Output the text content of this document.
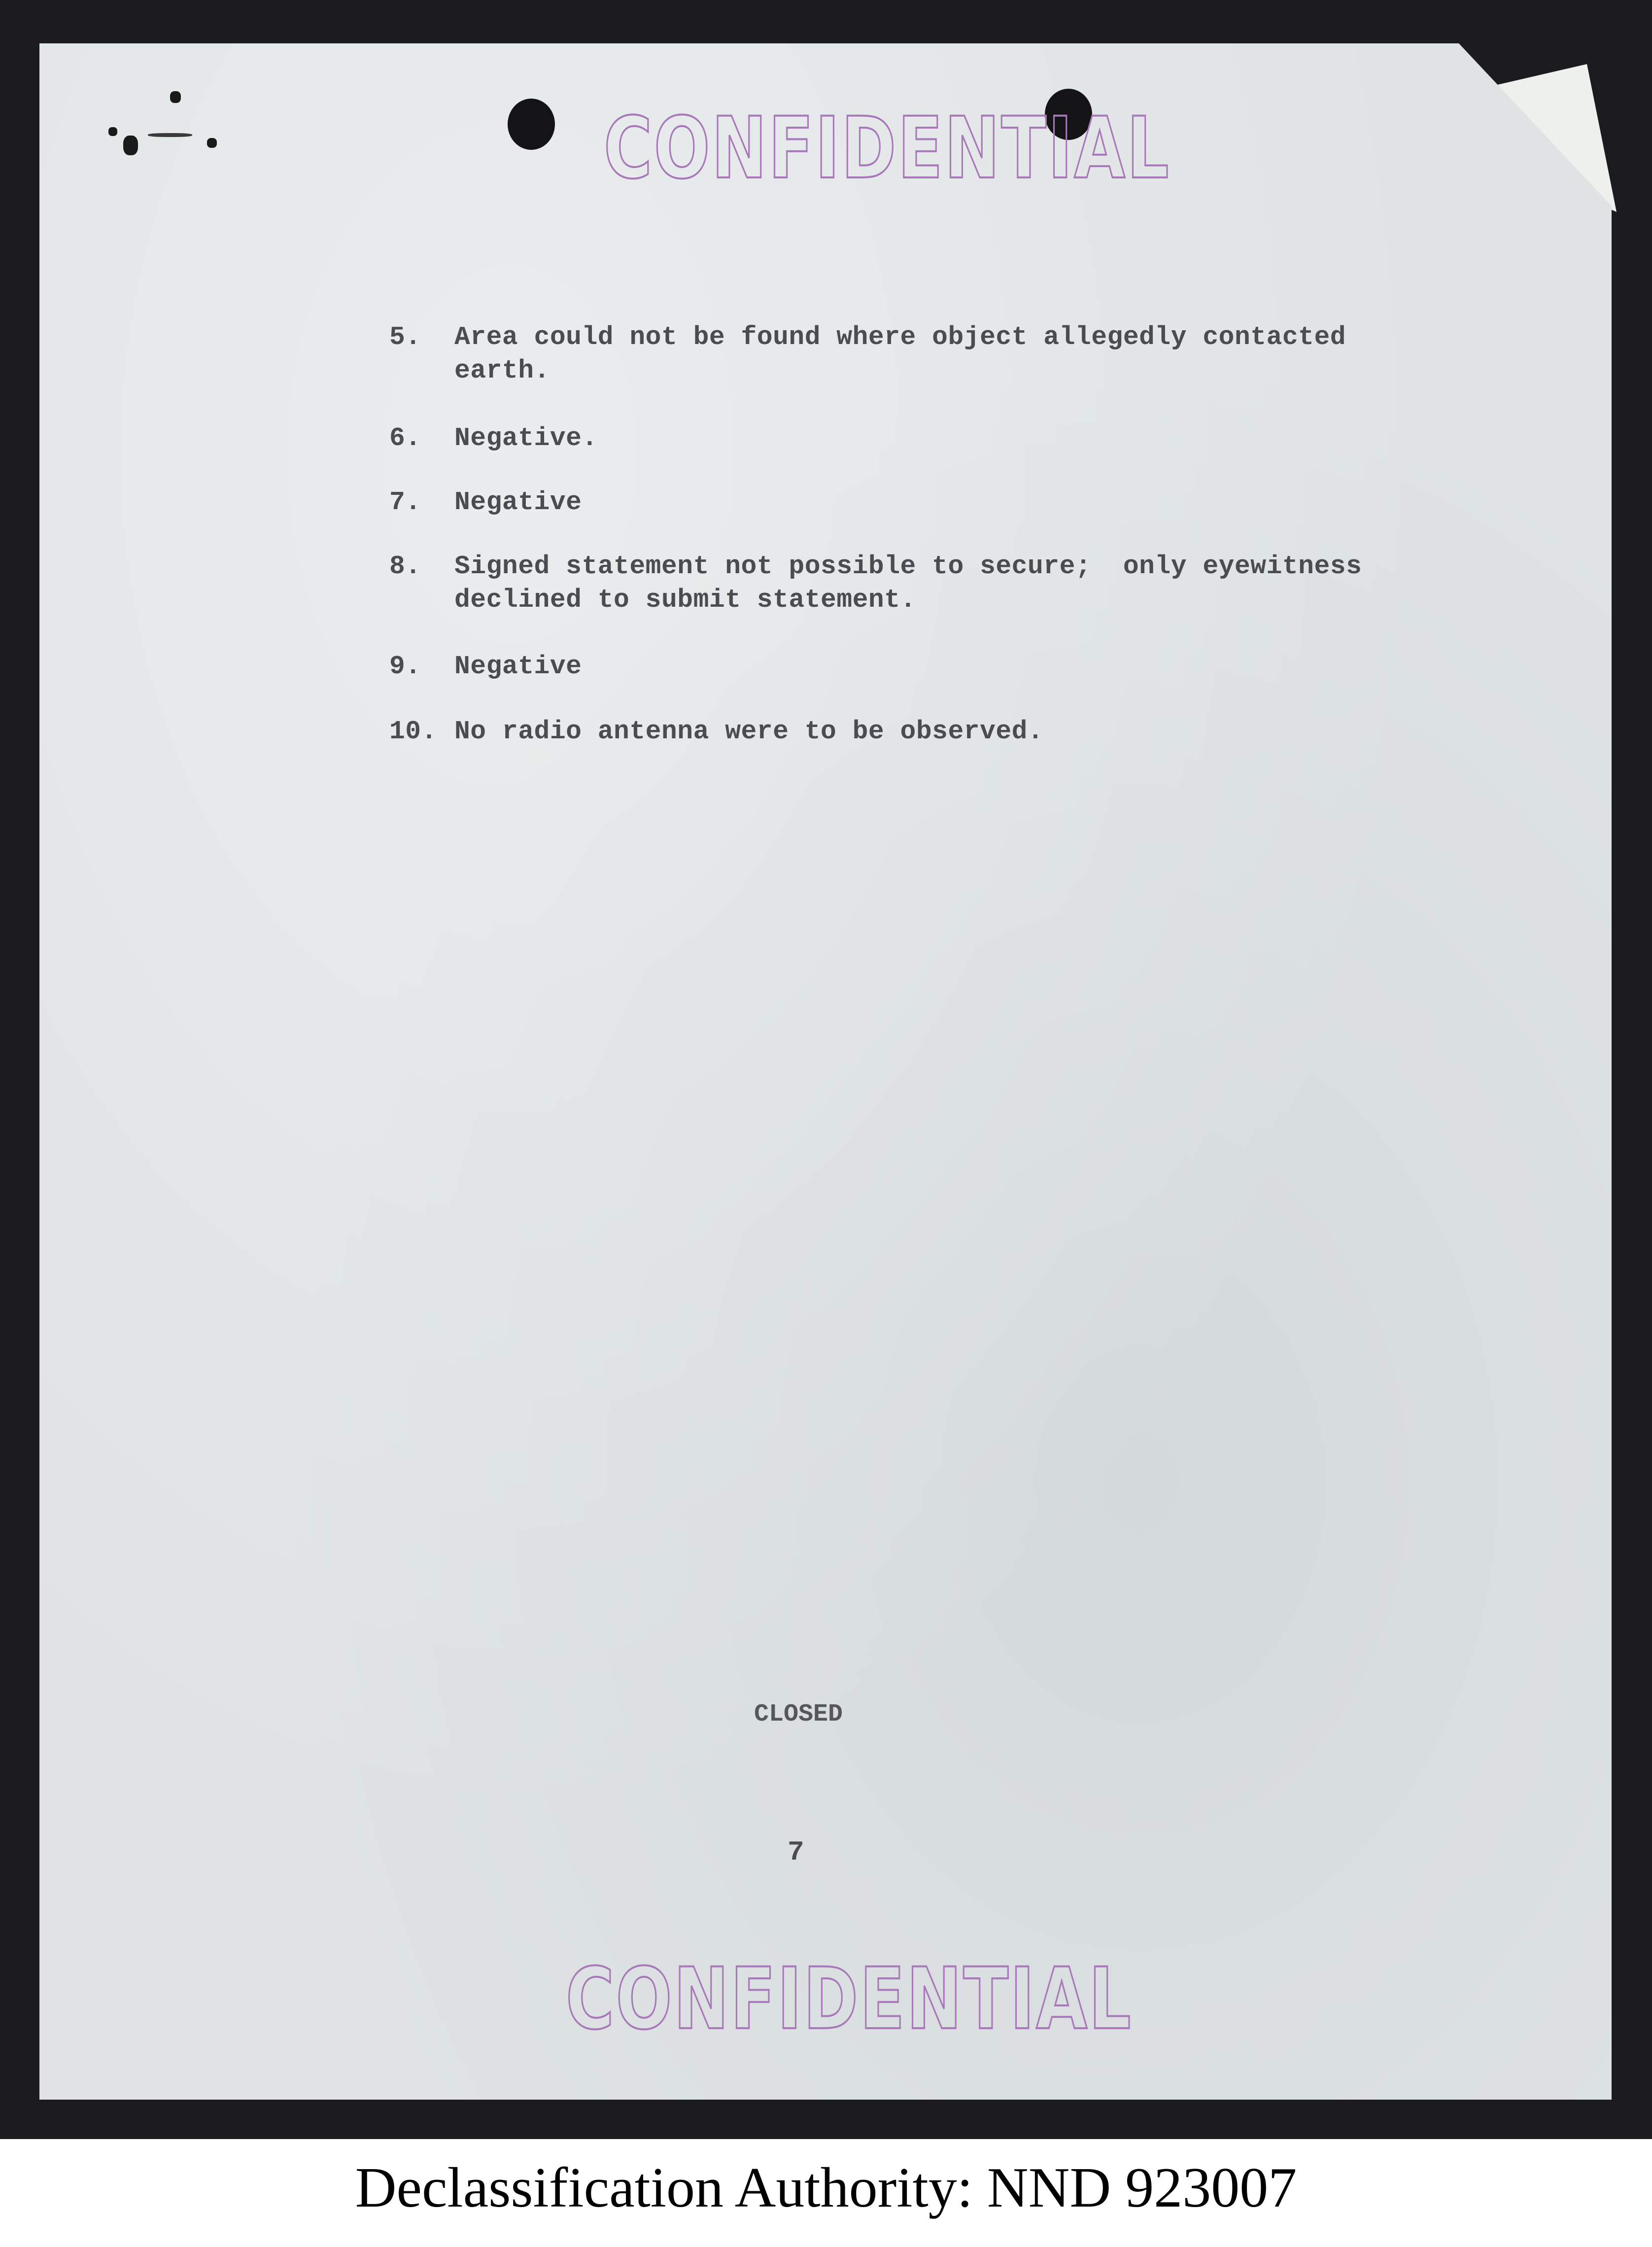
CONFIDENTIAL
5. Area could not be found where object allegedly contacted
earth.
6. Negative.
7. Negative
8. Signed statement not possible to secure;  only eyewitness
declined to submit statement.
9. Negative
10. No radio antenna were to be observed.
CLOSED
7
CONFIDENTIAL
Declassification Authority: NND 923007
